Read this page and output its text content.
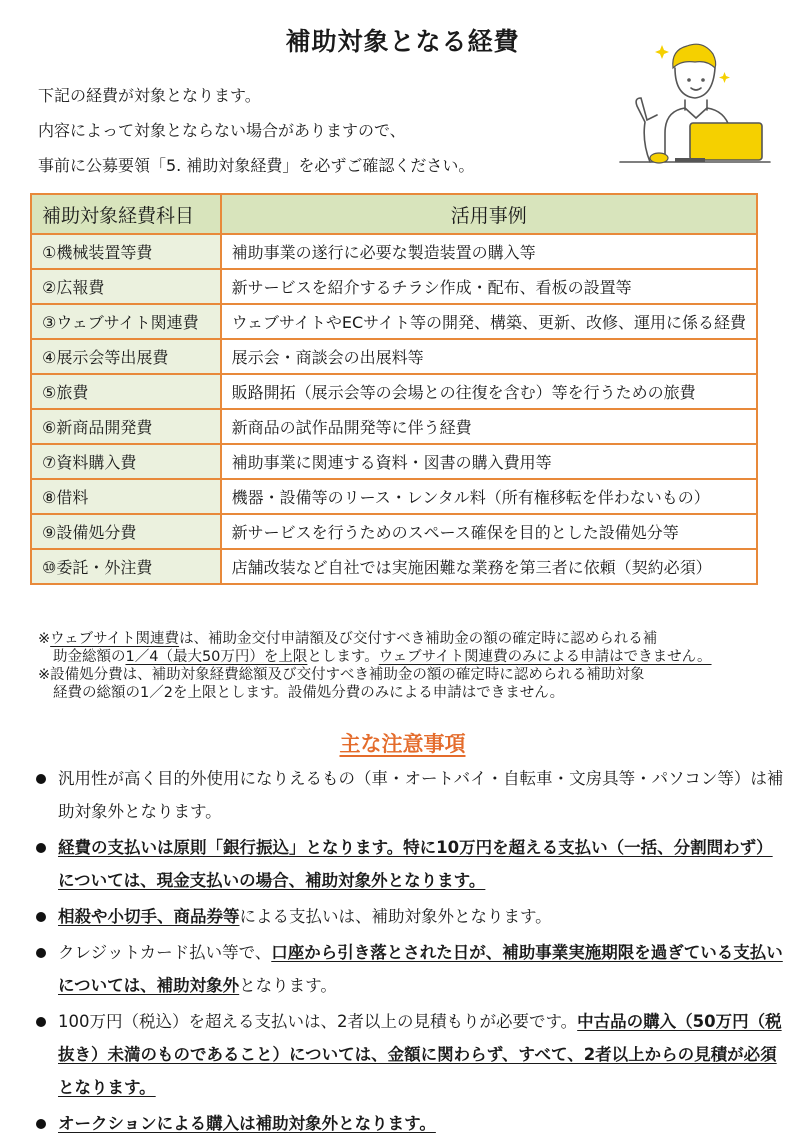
補助対象となる経費
下記の経費が対象となります。
内容によって対象とならない場合がありますので、
事前に公募要領「5. 補助対象経費」を必ずご確認ください。
補助対象経費科目	活用事例
①機械装置等費	補助事業の遂行に必要な製造装置の購入等
②広報費	新サービスを紹介するチラシ作成・配布、看板の設置等
③ウェブサイト関連費	ウェブサイトやECサイト等の開発、構築、更新、改修、運用に係る経費
④展示会等出展費	展示会・商談会の出展料等
⑤旅費	販路開拓（展示会等の会場との往復を含む）等を行うための旅費
⑥新商品開発費	新商品の試作品開発等に伴う経費
⑦資料購入費	補助事業に関連する資料・図書の購入費用等
⑧借料	機器・設備等のリース・レンタル料（所有権移転を伴わないもの）
⑨設備処分費	新サービスを行うためのスペース確保を目的とした設備処分等
⑩委託・外注費	店舗改装など自社では実施困難な業務を第三者に依頼（契約必須）
※ウェブサイト関連費は、補助金交付申請額及び交付すべき補助金の額の確定時に認められる補
助金総額の1／4（最大50万円）を上限とします。ウェブサイト関連費のみによる申請はできません。
※設備処分費は、補助対象経費総額及び交付すべき補助金の額の確定時に認められる補助対象
経費の総額の1／2を上限とします。設備処分費のみによる申請はできません。
主な注意事項
汎用性が高く目的外使用になりえるもの（車・オートバイ・自転車・文房具等・パソコン等）は補助対象外となります。
経費の支払いは原則「銀行振込」となります。特に10万円を超える支払い（一括、分割問わず）については、現金支払いの場合、補助対象外となります。
相殺や小切手、商品券等による支払いは、補助対象外となります。
クレジットカード払い等で、口座から引き落とされた日が、補助事業実施期限を過ぎている支払いについては、補助対象外となります。
100万円（税込）を超える支払いは、2者以上の見積もりが必要です。中古品の購入（50万円（税抜き）未満のものであること）については、金額に関わらず、すべて、2者以上からの見積が必須となります。
オークションによる購入は補助対象外となります。
